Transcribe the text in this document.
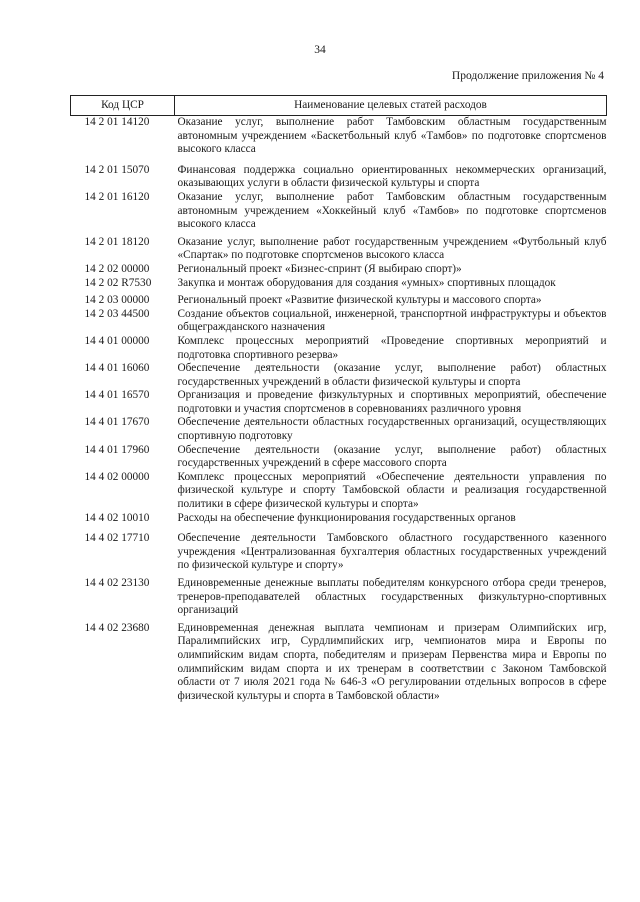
34
Продолжение приложения № 4
Код ЦСР	Наименование целевых статей расходов
14 2 01 14120	Оказание услуг, выполнение работ Тамбовским областным государственным автономным учреждением «Баскетбольный клуб «Тамбов» по подготовке спортсменов высокого класса
14 2 01 15070	Финансовая поддержка социально ориентированных некоммерческих организаций, оказывающих услуги в области физической культуры и спорта
14 2 01 16120	Оказание услуг, выполнение работ Тамбовским областным государственным автономным учреждением «Хоккейный клуб «Тамбов» по подготовке спортсменов высокого класса
14 2 01 18120	Оказание услуг, выполнение работ государственным учреждением «Футбольный клуб «Спартак» по подготовке спортсменов высокого класса
14 2 02 00000	Региональный проект «Бизнес-спринт (Я выбираю спорт)»
14 2 02 R7530	Закупка и монтаж оборудования для создания «умных» спортивных площадок
14 2 03 00000	Региональный проект «Развитие физической культуры и массового спорта»
14 2 03 44500	Создание объектов социальной, инженерной, транспортной инфраструктуры и объектов общегражданского назначения
14 4 01 00000	Комплекс процессных мероприятий «Проведение спортивных мероприятий и подготовка спортивного резерва»
14 4 01 16060	Обеспечение деятельности (оказание услуг, выполнение работ) областных государственных учреждений в области физической культуры и спорта
14 4 01 16570	Организация и проведение физкультурных и спортивных мероприятий, обеспечение подготовки и участия спортсменов в соревнованиях различного уровня
14 4 01 17670	Обеспечение деятельности областных государственных организаций, осуществляющих спортивную подготовку
14 4 01 17960	Обеспечение деятельности (оказание услуг, выполнение работ) областных государственных учреждений в сфере массового спорта
14 4 02 00000	Комплекс процессных мероприятий «Обеспечение деятельности управления по физической культуре и спорту Тамбовской области и реализация государственной политики в сфере физической культуры и спорта»
14 4 02 10010	Расходы на обеспечение функционирования государственных органов
14 4 02 17710	Обеспечение деятельности Тамбовского областного государственного казенного учреждения «Централизованная бухгалтерия областных государственных учреждений по физической культуре и спорту»
14 4 02 23130	Единовременные денежные выплаты победителям конкурсного отбора среди тренеров, тренеров-преподавателей областных государственных физкультурно-спортивных организаций
14 4 02 23680	Единовременная денежная выплата чемпионам и призерам Олимпийских игр, Паралимпийских игр, Сурдлимпийских игр, чемпионатов мира и Европы по олимпийским видам спорта, победителям и призерам Первенства мира и Европы по олимпийским видам спорта и их тренерам в соответствии с Законом Тамбовской области от 7 июля 2021 года № 646-З «О регулировании отдельных вопросов в сфере физической культуры и спорта в Тамбовской области»
